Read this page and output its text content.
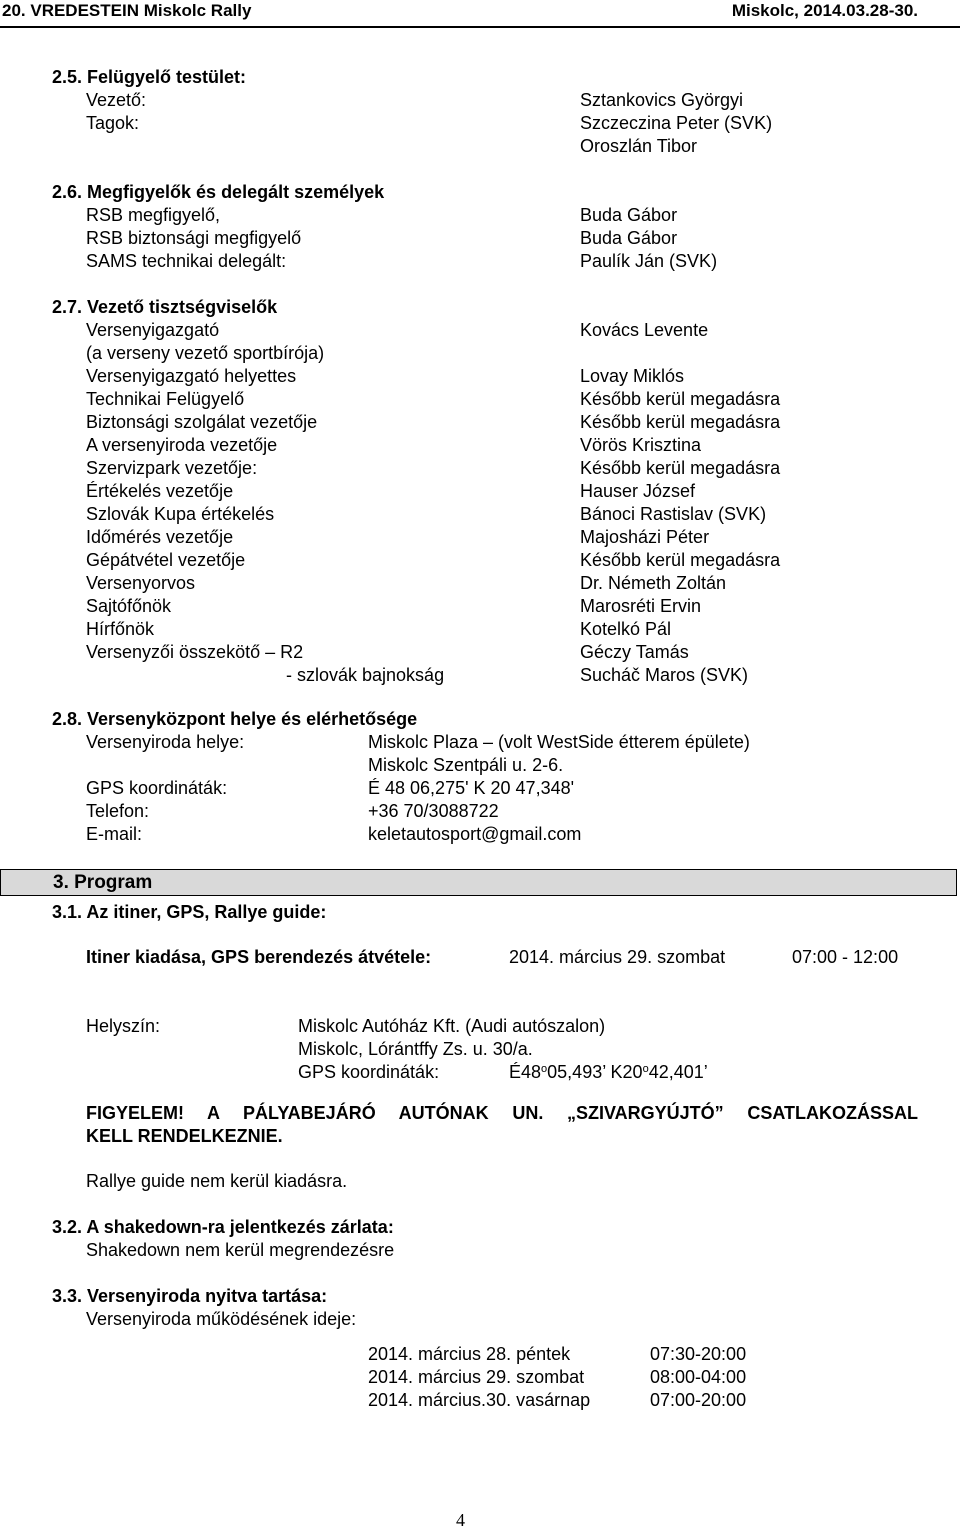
20. VREDESTEIN Miskolc Rally	Miskolc, 2014.03.28-30.
2.5. Felügyelő testület:
Vezető:	Sztankovics Györgyi
Tagok:	Szczeczina Peter (SVK)
Oroszlán Tibor
2.6. Megfigyelők és delegált személyek
RSB megfigyelő,	Buda Gábor
RSB biztonsági megfigyelő	Buda Gábor
SAMS technikai delegált:	Paulík Ján (SVK)
2.7. Vezető tisztségviselők
Versenyigazgató	Kovács Levente
(a verseny vezető sportbírója)
Versenyigazgató helyettes	Lovay Miklós
Technikai Felügyelő	Később kerül megadásra
Biztonsági szolgálat vezetője	Később kerül megadásra
A versenyiroda vezetője	Vörös Krisztina
Szervizpark vezetője:	Később kerül megadásra
Értékelés vezetője	Hauser József
Szlovák Kupa értékelés	Bánoci Rastislav (SVK)
Időmérés vezetője	Majosházi Péter
Gépátvétel vezetője	Később kerül megadásra
Versenyorvos	Dr. Németh Zoltán
Sajtófőnök	Marosréti Ervin
Hírfőnök	Kotelkó Pál
Versenyzői összekötő – R2	Géczy Tamás
- szlovák bajnokság	Sucháč Maros (SVK)
2.8. Versenyközpont helye és elérhetősége
Versenyiroda helye:	Miskolc Plaza – (volt WestSide étterem épülete)
Miskolc Szentpáli u. 2-6.
GPS koordináták:	É 48 06,275' K 20 47,348'
Telefon:	+36 70/3088722
E-mail:	keletautosport@gmail.com
3. Program
3.1. Az itiner, GPS, Rallye guide:
Itiner kiadása, GPS berendezés átvétele:	2014. március 29. szombat	07:00 - 12:00
Helyszín:	Miskolc Autóház Kft. (Audi autószalon)
Miskolc, Lórántffy Zs. u. 30/a.
GPS koordináták:	É48$^o$05,493’ K20$^o$42,401’
FIGYELEM! A PÁLYABEJÁRÓ AUTÓNAK UN. „SZIVARGYÚJTÓ” CSATLAKOZÁSSAL
KELL RENDELKEZNIE.
Rallye guide nem kerül kiadásra.
3.2. A shakedown-ra jelentkezés zárlata:
Shakedown nem kerül megrendezésre
3.3. Versenyiroda nyitva tartása:
Versenyiroda működésének ideje:
2014. március 28. péntek	07:30-20:00
2014. március 29. szombat	08:00-04:00
2014. március.30. vasárnap	07:00-20:00
4
